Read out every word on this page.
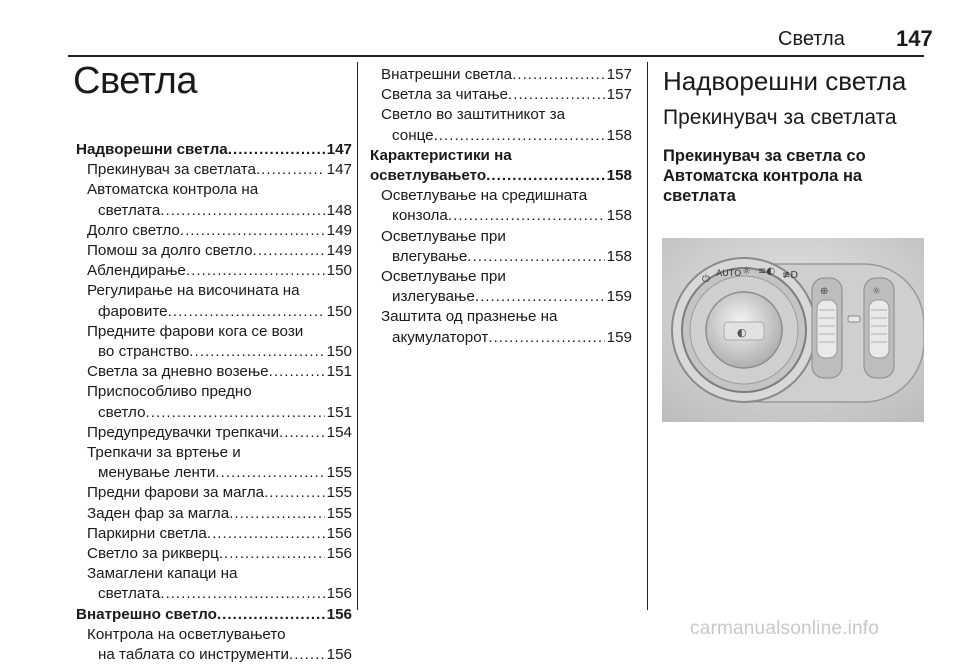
Светла 147
Светла
Надворешни светла .....	147
Прекинувач за светлата .....	147
Автоматска контрола на
светлата .....	148
Долго светло .....	149
Помош за долго светло .....	149
Аблендирање .....	150
Регулирање на височината на
фаровите .....	150
Предните фарови кога се вози
во странство .....	150
Светла за дневно возење .....	151
Приспособливо предно
светло .....	151
Предупредувачки трепкачи .....	154
Трепкачи за вртење и
менување ленти .....	155
Предни фарови за магла .....	155
Заден фар за магла .....	155
Паркирни светла .....	156
Светло за рикверц .....	156
Замаглени капаци на
светлата .....	156
Внатрешно светло .....	156
Контрола на осветлувањето
на таблата со инструменти ..... 156
Внатрешни светла .....	157
Светла за читање .....	157
Светло во заштитникот за
сонце .....	158
Карактеристики на
осветлувањето .....	158
Осветлување на средишната
конзола .....	158
Осветлување при
влегување .....	158
Осветлување при
излегување .....	159
Заштита од празнење на
акумулаторот .....	159
Надворешни светла
Прекинувач за светлата
Прекинувач за светла со Автоматска контрола на светлата
◐
AUTO
⏻
☼ ≡◐ ≢D
⊕	☼
carmanualsonline.info
